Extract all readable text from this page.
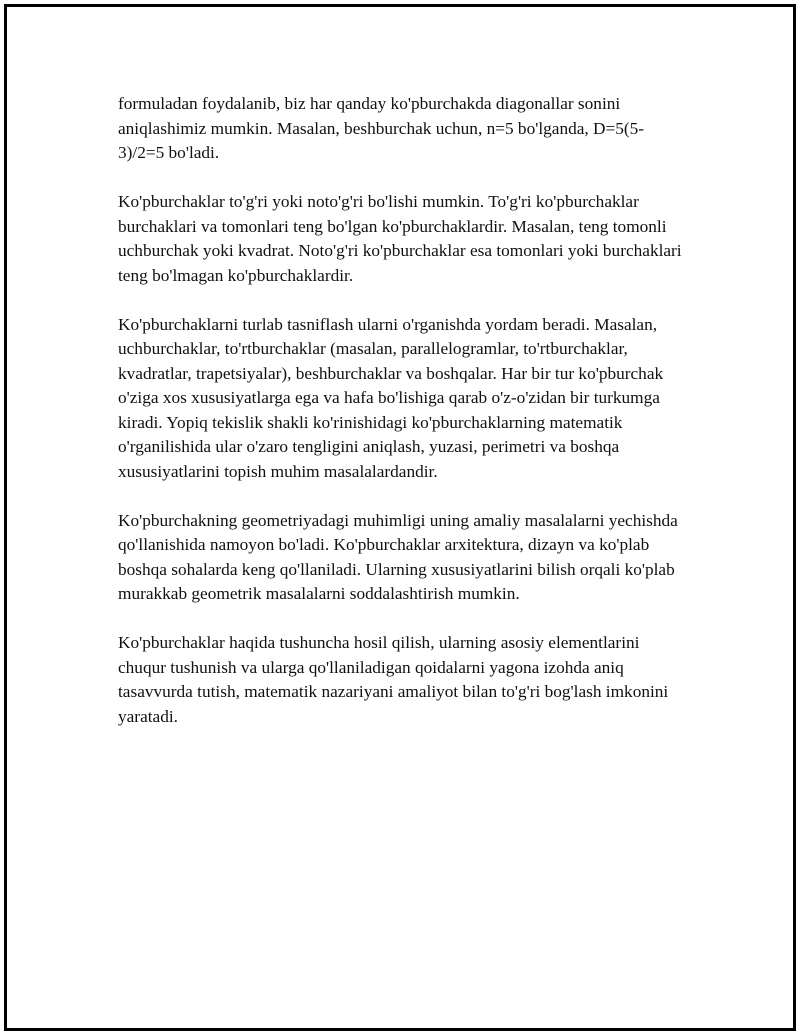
formuladan foydalanib, biz har qanday ko'pburchakda diagonallar sonini aniqlashimiz mumkin. Masalan, beshburchak uchun, n=5 bo'lganda, D=5(5-3)/2=5 bo'ladi.

Ko'pburchaklar to'g'ri yoki noto'g'ri bo'lishi mumkin. To'g'ri ko'pburchaklar burchaklari va tomonlari teng bo'lgan ko'pburchaklardir. Masalan, teng tomonli uchburchak yoki kvadrat. Noto'g'ri ko'pburchaklar esa tomonlari yoki burchaklari teng bo'lmagan ko'pburchaklardir.

Ko'pburchaklarni turlab tasniflash ularni o'rganishda yordam beradi. Masalan, uchburchaklar, to'rtburchaklar (masalan, parallelogramlar, to'rtburchaklar, kvadratlar, trapetsiyalar), beshburchaklar va boshqalar. Har bir tur ko'pburchak o'ziga xos xususiyatlarga ega va hafa bo'lishiga qarab o'z-o'zidan bir turkumga kiradi. Yopiq tekislik shakli ko'rinishidagi ko'pburchaklarning matematik o'rganilishida ular o'zaro tengligini aniqlash, yuzasi, perimetri va boshqa xususiyatlarini topish muhim masalalardandir.

Ko'pburchakning geometriyadagi muhimligi uning amaliy masalalarni yechishda qo'llanishida namoyon bo'ladi. Ko'pburchaklar arxitektura, dizayn va ko'plab boshqa sohalarda keng qo'llaniladi. Ularning xususiyatlarini bilish orqali ko'plab murakkab geometrik masalalarni soddalashtirish mumkin.

Ko'pburchaklar haqida tushuncha hosil qilish, ularning asosiy elementlarini chuqur tushunish va ularga qo'llaniladigan qoidalarni yagona izohda aniq tasavvurda tutish, matematik nazariyani amaliyot bilan to'g'ri bog'lash imkonini yaratadi.
